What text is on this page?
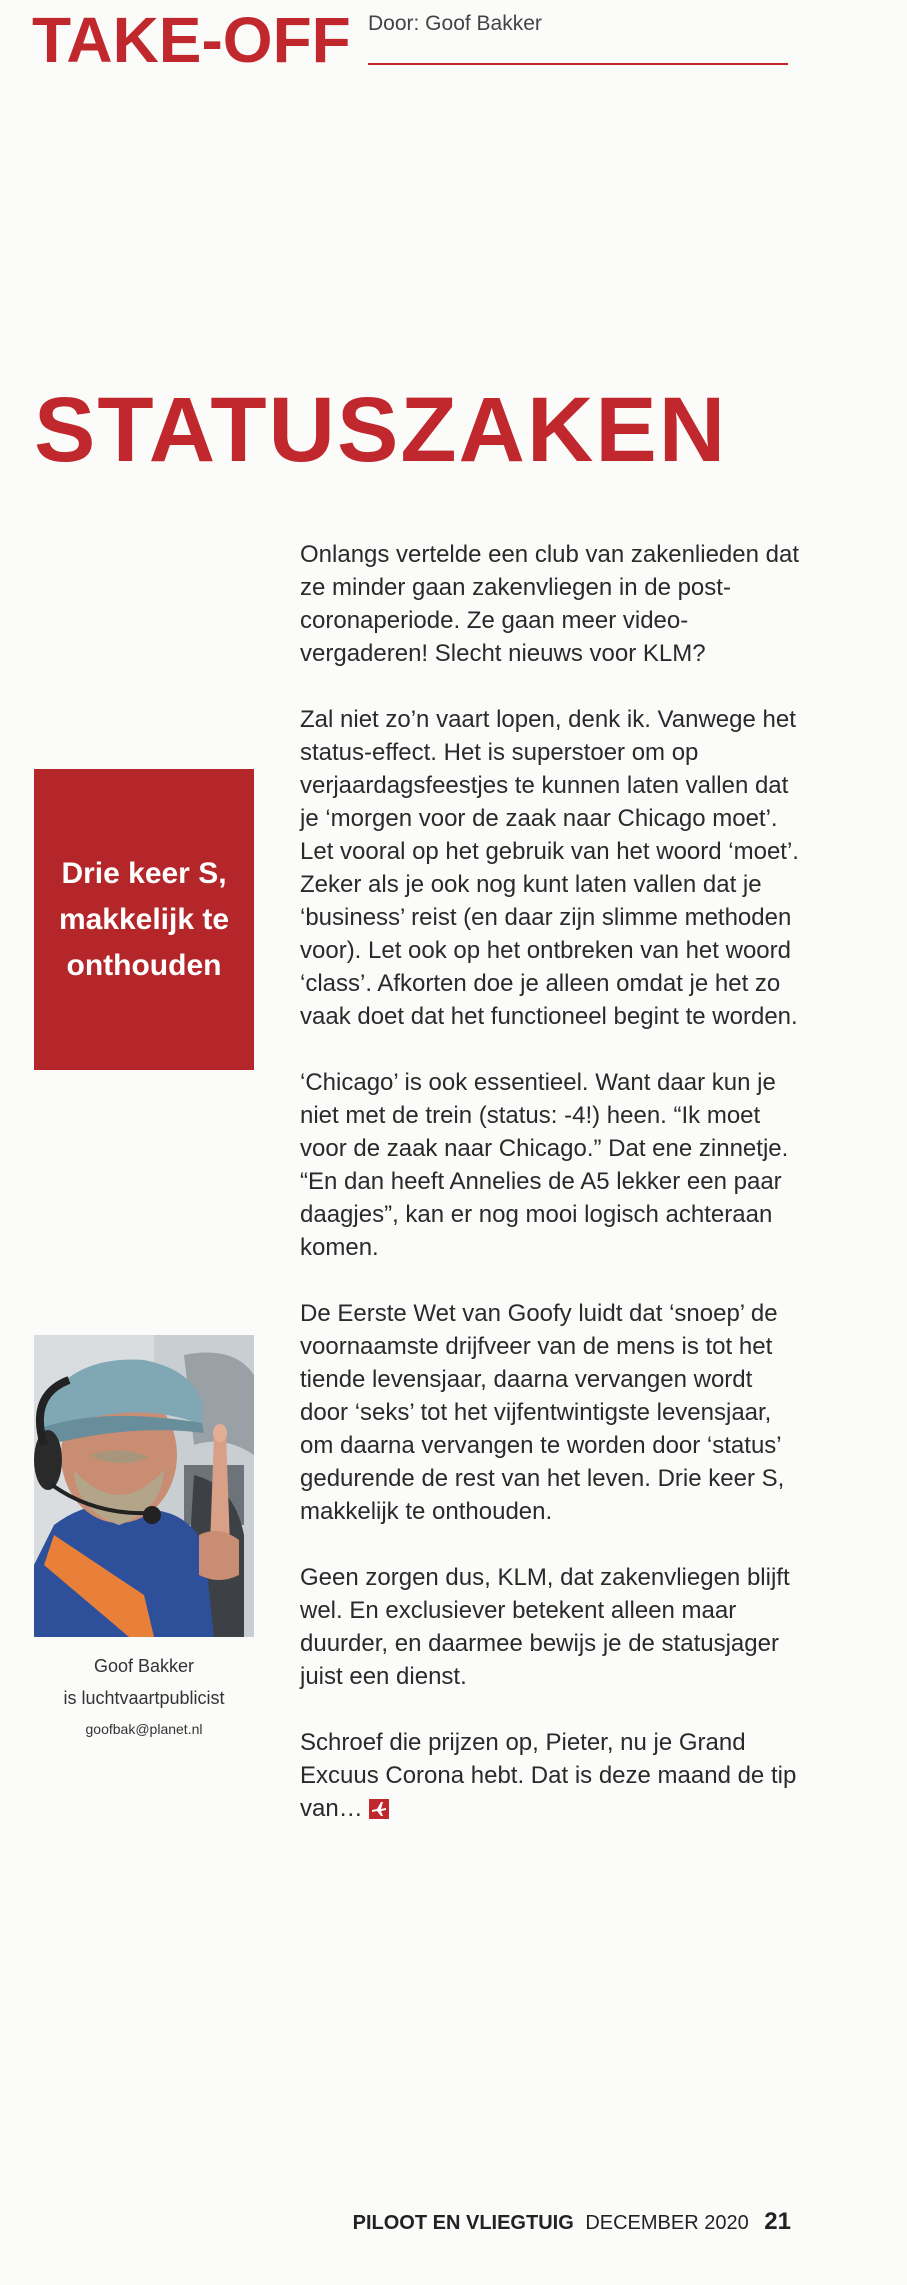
TAKE-OFF Door: Goof Bakker
STATUSZAKEN
Drie keer S, makkelijk te onthouden
Goof Bakker
is luchtvaartpublicist
goofbak@planet.nl

Onlangs vertelde een club van zakenlieden dat ze minder gaan zakenvliegen in de post-coronaperiode. Ze gaan meer video-vergaderen! Slecht nieuws voor KLM?

Zal niet zo’n vaart lopen, denk ik. Vanwege het status-effect. Het is superstoer om op verjaardagsfeestjes te kunnen laten vallen dat je ‘morgen voor de zaak naar Chicago moet’. Let vooral op het gebruik van het woord ‘moet’. Zeker als je ook nog kunt laten vallen dat je ‘business’ reist (en daar zijn slimme methoden voor). Let ook op het ontbreken van het woord ‘class’. Afkorten doe je alleen omdat je het zo vaak doet dat het functioneel begint te worden.

‘Chicago’ is ook essentieel. Want daar kun je niet met de trein (status: -4!) heen. “Ik moet voor de zaak naar Chicago.” Dat ene zinnetje. “En dan heeft Annelies de A5 lekker een paar daagjes”, kan er nog mooi logisch achteraan komen.

De Eerste Wet van Goofy luidt dat ‘snoep’ de voornaamste drijfveer van de mens is tot het tiende levensjaar, daarna vervangen wordt door ‘seks’ tot het vijfentwintigste levensjaar, om daarna vervangen te worden door ‘status’ gedurende de rest van het leven. Drie keer S, makkelijk te onthouden.

Geen zorgen dus, KLM, dat zakenvliegen blijft wel. En exclusiever betekent alleen maar duurder, en daarmee bewijs je de statusjager juist een dienst.

Schroef die prijzen op, Pieter, nu je Grand Excuus Corona hebt. Dat is deze maand de tip van…

PILOOT EN VLIEGTUIG DECEMBER 2020 21
